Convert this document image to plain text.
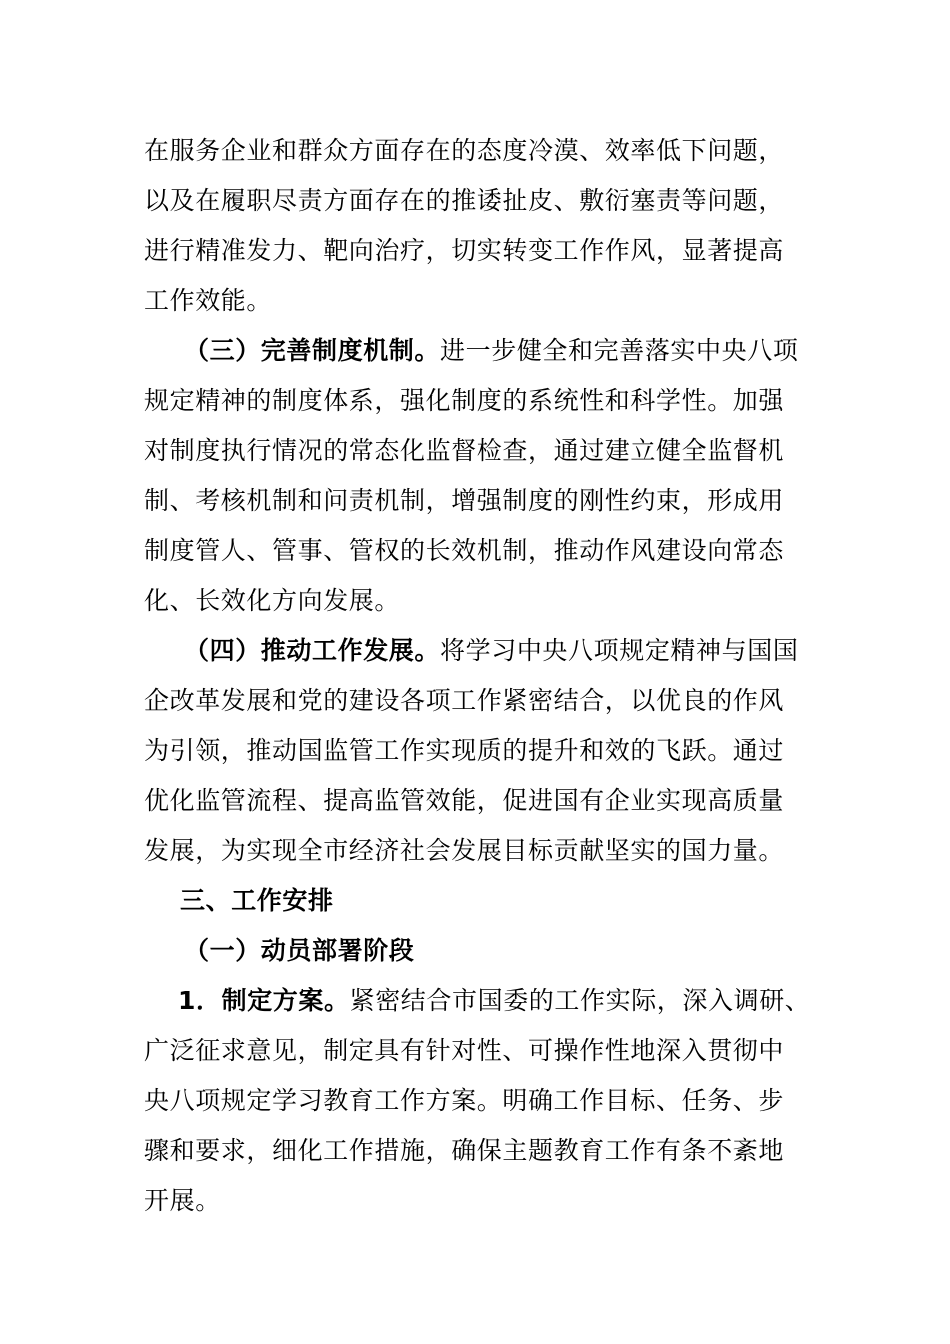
在服务企业和群众方面存在的态度冷漠、效率低下问题，
以及在履职尽责方面存在的推诿扯皮、敷衍塞责等问题，
进行精准发力、靶向治疗，切实转变工作作风，显著提高
工作效能。
（三）完善制度机制。进一步健全和完善落实中央八项
规定精神的制度体系，强化制度的系统性和科学性。加强
对制度执行情况的常态化监督检查，通过建立健全监督机
制、考核机制和问责机制，增强制度的刚性约束，形成用
制度管人、管事、管权的长效机制，推动作风建设向常态
化、长效化方向发展。
（四）推动工作发展。将学习中央八项规定精神与国国
企改革发展和党的建设各项工作紧密结合，以优良的作风
为引领，推动国监管工作实现质的提升和效的飞跃。通过
优化监管流程、提高监管效能，促进国有企业实现高质量
发展，为实现全市经济社会发展目标贡献坚实的国力量。
三、工作安排
（一）动员部署阶段
1．制定方案。紧密结合市国委的工作实际，深入调研、
广泛征求意见，制定具有针对性、可操作性地深入贯彻中
央八项规定学习教育工作方案。明确工作目标、任务、步
骤和要求，细化工作措施，确保主题教育工作有条不紊地
开展。
